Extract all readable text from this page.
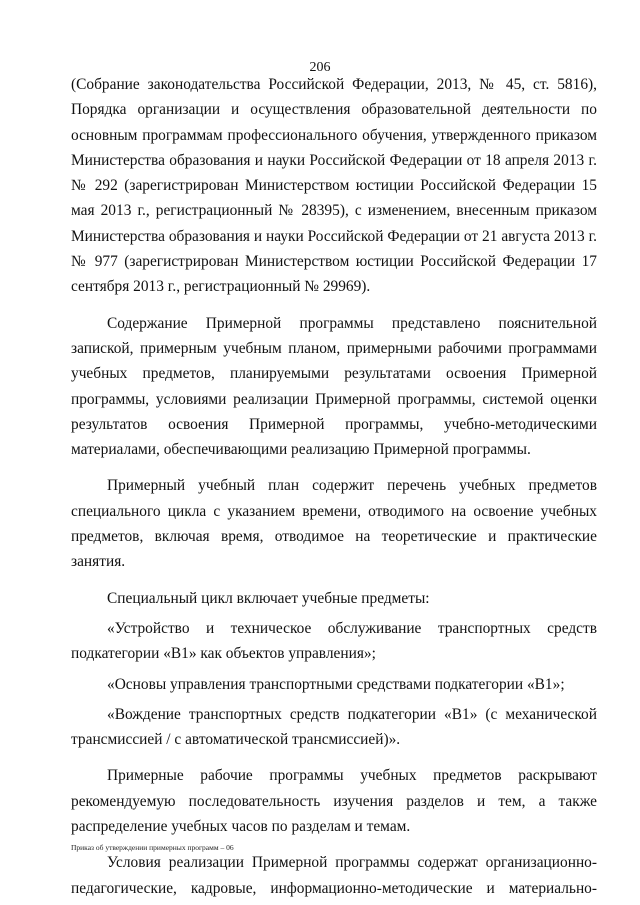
206

(Собрание законодательства Российской Федерации, 2013, № 45, ст. 5816), Порядка организации и осуществления образовательной деятельности по основным программам профессионального обучения, утвержденного приказом Министерства образования и науки Российской Федерации от 18 апреля 2013 г. № 292 (зарегистрирован Министерством юстиции Российской Федерации 15 мая 2013 г., регистрационный № 28395), с изменением, внесенным приказом Министерства образования и науки Российской Федерации от 21 августа 2013 г. № 977 (зарегистрирован Министерством юстиции Российской Федерации 17 сентября 2013 г., регистрационный № 29969).

Содержание Примерной программы представлено пояснительной запиской, примерным учебным планом, примерными рабочими программами учебных предметов, планируемыми результатами освоения Примерной программы, условиями реализации Примерной программы, системой оценки результатов освоения Примерной программы, учебно-методическими материалами, обеспечивающими реализацию Примерной программы.

Примерный учебный план содержит перечень учебных предметов специального цикла с указанием времени, отводимого на освоение учебных предметов, включая время, отводимое на теоретические и практические занятия.

Специальный цикл включает учебные предметы:

«Устройство и техническое обслуживание транспортных средств подкатегории «B1» как объектов управления»;

«Основы управления транспортными средствами подкатегории «B1»;

«Вождение транспортных средств подкатегории «B1» (с механической трансмиссией / с автоматической трансмиссией)».

Примерные рабочие программы учебных предметов раскрывают рекомендуемую последовательность изучения разделов и тем, а также распределение учебных часов по разделам и темам.

Условия реализации Примерной программы содержат организационно-педагогические, кадровые, информационно-методические и материально-

Приказ об утверждении примерных программ – 06
